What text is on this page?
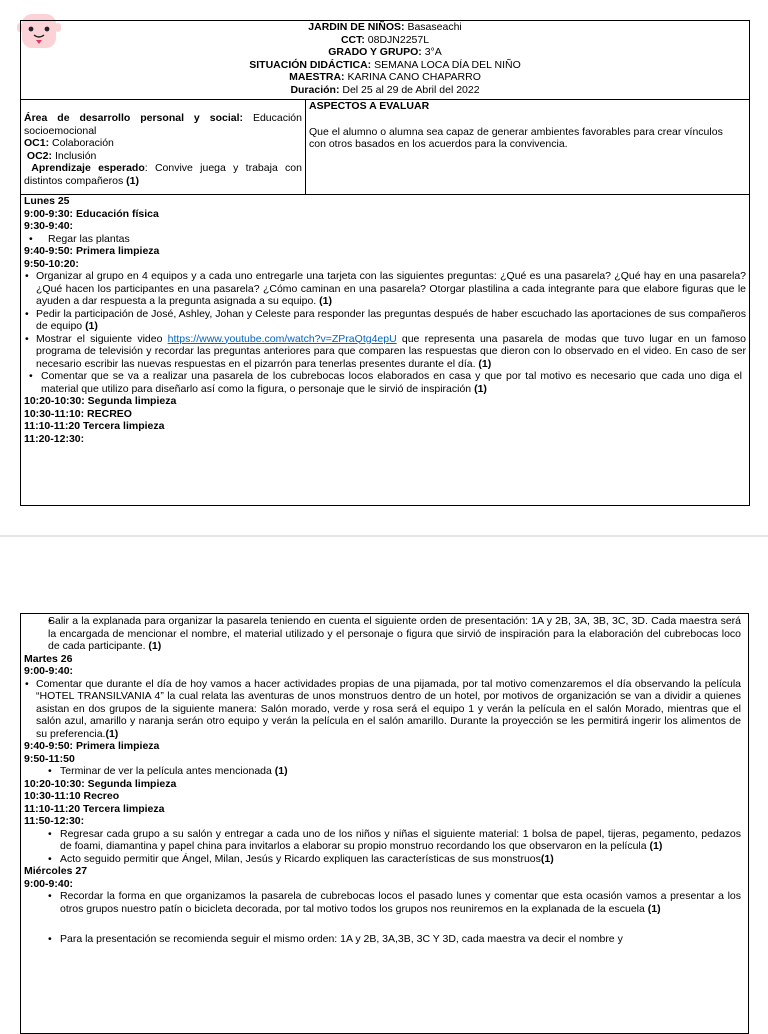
JARDIN DE NIÑOS: Basaseachi

CCT: 08DJN2257L

GRADO Y GRUPO: 3°A

SITUACIÓN DIDÁCTICA: SEMANA LOCA DÍA DEL NIÑO

MAESTRA: KARINA CANO CHAPARRO

Duración: Del 25 al 29 de Abril del 2022

Área de desarrollo personal y social: Educación socioemocional

OC1: Colaboración

OC2: Inclusión

Aprendizaje esperado: Convive juega y trabaja con distintos compañeros (1)

ASPECTOS A EVALUAR

Que el alumno o alumna sea capaz de generar ambientes favorables para crear vínculos con otros basados en los acuerdos para la convivencia.

Lunes 25

9:00-9:30: Educación física

9:30-9:40:

• Regar las plantas

9:40-9:50: Primera limpieza

9:50-10:20:

• Organizar al grupo en 4 equipos y a cada uno entregarle una tarjeta con las siguientes preguntas: ¿Qué es una pasarela? ¿Qué hay en una pasarela? ¿Qué hacen los participantes en una pasarela? ¿Cómo caminan en una pasarela? Otorgar plastilina a cada integrante para que elabore figuras que le ayuden a dar respuesta a la pregunta asignada a su equipo. (1)

• Pedir la participación de José, Ashley, Johan y Celeste para responder las preguntas después de haber escuchado las aportaciones de sus compañeros de equipo (1)

• Mostrar el siguiente video https://www.youtube.com/watch?v=ZPraQtg4epU que representa una pasarela de modas que tuvo lugar en un famoso programa de televisión y recordar las preguntas anteriores para que comparen las respuestas que dieron con lo observado en el video. En caso de ser necesario escribir las nuevas respuestas en el pizarrón para tenerlas presentes durante el día. (1)

• Comentar que se va a realizar una pasarela de los cubrebocas locos elaborados en casa y que por tal motivo es necesario que cada uno diga el material que utilizo para diseñarlo así como la figura, o personaje que le sirvió de inspiración (1)

10:20-10:30: Segunda limpieza

10:30-11:10: RECREO

11:10-11:20 Tercera limpieza

11:20-12:30:

• Salir a la explanada para organizar la pasarela teniendo en cuenta el siguiente orden de presentación: 1A y 2B, 3A, 3B, 3C, 3D. Cada maestra será la encargada de mencionar el nombre, el material utilizado y el personaje o figura que sirvió de inspiración para la elaboración del cubrebocas loco de cada participante. (1)

Martes 26

9:00-9:40:

• Comentar que durante el día de hoy vamos a hacer actividades propias de una pijamada, por tal motivo comenzaremos el día observando la película “HOTEL TRANSILVANIA 4” la cual relata las aventuras de unos monstruos dentro de un hotel, por motivos de organización se van a dividir a quienes asistan en dos grupos de la siguiente manera: Salón morado, verde y rosa será el equipo 1 y verán la película en el salón Morado, mientras que el salón azul, amarillo y naranja serán otro equipo y verán la película en el salón amarillo. Durante la proyección se les permitirá ingerir los alimentos de su preferencia.(1)

9:40-9:50: Primera limpieza

9:50-11:50

• Terminar de ver la película antes mencionada (1)

10:20-10:30: Segunda limpieza

10:30-11:10 Recreo

11:10-11:20 Tercera limpieza

11:50-12:30:

• Regresar cada grupo a su salón y entregar a cada uno de los niños y niñas el siguiente material: 1 bolsa de papel, tijeras, pegamento, pedazos de foami, diamantina y papel china para invitarlos a elaborar su propio monstruo recordando los que observaron en la película (1)

• Acto seguido permitir que Ángel, Milan, Jesús y Ricardo expliquen las características de sus monstruos(1)

Miércoles 27

9:00-9:40:

• Recordar la forma en que organizamos la pasarela de cubrebocas locos el pasado lunes y comentar que esta ocasión vamos a presentar a los otros grupos nuestro patín o bicicleta decorada, por tal motivo todos los grupos nos reuniremos en la explanada de la escuela (1)

• Para la presentación se recomienda seguir el mismo orden: 1A y 2B, 3A,3B, 3C Y 3D, cada maestra va decir el nombre y
